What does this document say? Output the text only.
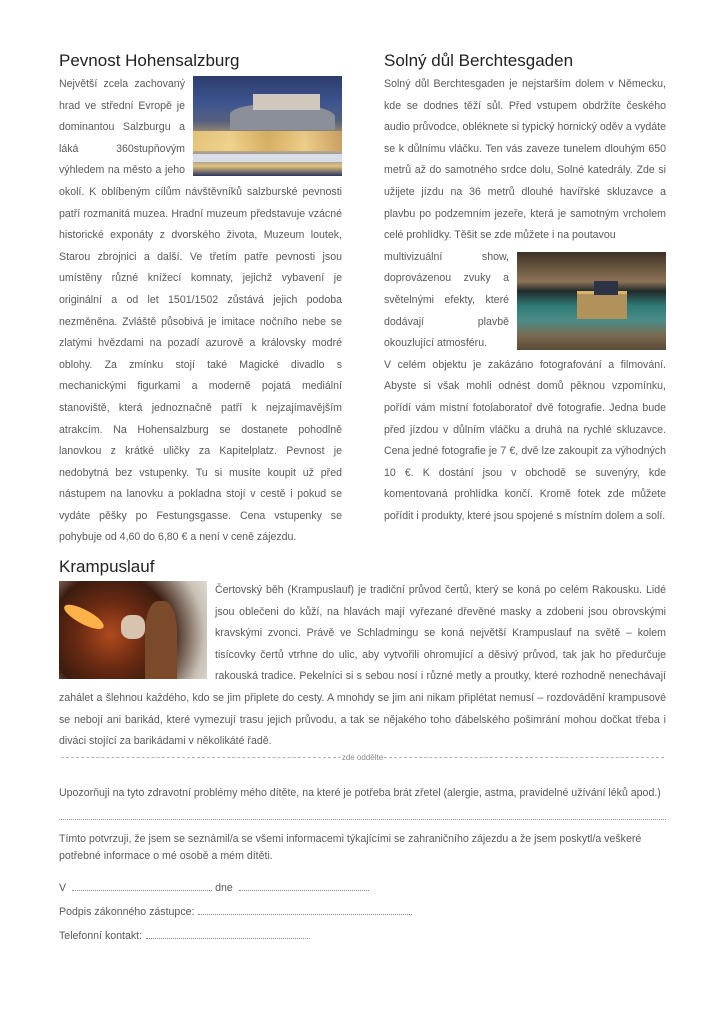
Pevnost Hohensalzburg

Největší zcela zachovaný hrad ve střední Evropě je dominantou Salzburgu a láká 360stupňovým výhledem na město a jeho okolí. K oblíbeným cílům návštěvníků salzburské pevnosti patří rozmanitá muzea. Hradní muzeum představuje vzácné historické exponáty z dvorského života, Muzeum loutek, Starou zbrojnici a další. Ve třetím patře pevnosti jsou umístěny různé knížecí komnaty, jejichž vybavení je originální a od let 1501/1502 zůstává jejich podoba nezměněna. Zvláště působivá je imitace nočního nebe se zlatými hvězdami na pozadí azurově a královsky modré oblohy. Za zmínku stojí také Magické divadlo s mechanickými figurkami a moderně pojatá mediální stanoviště, která jednoznačně patří k nejzajímavějším atrakcím. Na Hohensalzburg se dostanete pohodlně lanovkou z krátké uličky za Kapitelplatz. Pevnost je nedobytná bez vstupenky. Tu si musíte koupit už před nástupem na lanovku a pokladna stojí v cestě i pokud se vydáte pěšky po Festungsgasse. Cena vstupenky se pohybuje od 4,60 do 6,80 € a není v ceně zájezdu.

Solný důl Berchtesgaden

Solný důl Berchtesgaden je nejstarším dolem v Německu, kde se dodnes těží sůl. Před vstupem obdržíte českého audio průvodce, obléknete si typický hornický oděv a vydáte se k důlnímu vláčku. Ten vás zaveze tunelem dlouhým 650 metrů až do samotného srdce dolu, Solné katedrály. Zde si užijete jízdu na 36 metrů dlouhé havířské skluzavce a plavbu po podzemním jezeře, která je samotným vrcholem celé prohlídky. Těšit se zde můžete i na poutavou

multivizuální show, doprovázenou zvuky a světelnými efekty, které dodávají plavbě okouzlující atmosféru.

V celém objektu je zakázáno fotografování a filmování. Abyste si však mohli odnést domů pěknou vzpomínku, pořídí vám místní fotolaboratoř dvě fotografie. Jedna bude před jízdou v důlním vláčku a druhá na rychlé skluzavce. Cena jedné fotografie je 7 €, dvě lze zakoupit za výhodných 10 €. K dostání jsou v obchodě se suvenýry, kde komentovaná prohlídka končí. Kromě fotek zde můžete pořídit i produkty, které jsou spojené s místním dolem a solí.

Krampuslauf

Čertovský běh (Krampuslauf) je tradiční průvod čertů, který se koná po celém Rakousku. Lidé jsou oblečeni do kůží, na hlavách mají vyřezané dřevěné masky a zdobeni jsou obrovskými kravskými zvonci. Právě ve Schladmingu se koná největší Krampuslauf na světě – kolem tisícovky čertů vtrhne do ulic, aby vytvořili ohromující a děsivý průvod, tak jak ho předurčuje rakouská tradice. Pekelníci si s sebou nosí i různé metly a proutky, které rozhodně nenechávají zahálet a šlehnou každého, kdo se jim připlete do cesty. A mnohdy se jim ani nikam připlétat nemusí – rozdovádění krampusové se nebojí ani barikád, které vymezují trasu jejich průvodu, a tak se nějakého toho ďábelského pošimrání mohou dočkat třeba i diváci stojící za barikádami v několikáté řadě.

zde oddělte

Upozorňuji na tyto zdravotní problémy mého dítěte, na které je potřeba brát zřetel (alergie, astma, pravidelné užívání léků apod.)

Tímto potvrzuji, že jsem se seznámil/a se všemi informacemi týkajícími se zahraničního zájezdu a že jsem poskytl/a veškeré potřebné informace o mé osobě a mém dítěti.

V	dne
Podpis zákonného zástupce:
Telefonní kontakt:
